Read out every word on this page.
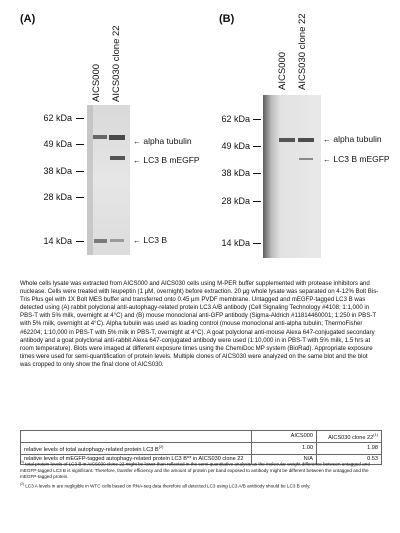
(A)
AICS000 AICS030 clone 22
62 kDa
49 kDa
38 kDa
28 kDa
14 kDa
← alpha tubulin
← LC3 B mEGFP
← LC3 B
(B)
AICS000 AICS030 clone 22
62 kDa
49 kDa
38 kDa
28 kDa
14 kDa
← alpha tubulin
← LC3 B mEGFP
Whole cells lysate was extracted from AICS000 and AICS030 cells using M-PER buffer supplemented with protease inhibitors and nuclease. Cells were treated with leupeptin (1 µM, overnight) before extraction. 20 µg whole lysate was separated on 4-12% Bolt Bis-Tris Plus gel with 1X Bolt MES buffer and transferred onto 0.45 µm PVDF membrane. Untagged and mEGFP-tagged LC3 B was detected using (A) rabbit polyclonal anti-autophagy-related protein LC3 A/B antibody (Cell Signaling Technology #4108; 1:1,000 in PBS-T with 5% milk, overnight at 4°C) and (B) mouse monoclonal anti-GFP antibody (Sigma-Aldrich #11814460001; 1:250 in PBS-T with 5% milk, overnight at 4°C). Alpha tubulin was used as loading control (mouse monoclonal anti-alpha tubulin; ThermoFisher #62204; 1:10,000 in PBS-T with 5% milk in PBS-T, overnight at 4°C). A goat polyclonal anti-mouse Alexa 647-conjugated secondary antibody and a goat polyclonal anti-rabbit Alexa 647-conjugated antibody were used (1:10,000 in in PBS-T with 5% milk, 1.5 hrs at room temperature). Blots were imaged at different exposure times using the ChemiDoc MP system (BioRad). Appropriate exposure times were used for semi-quantification of protein levels. Multiple clones of AICS030 were analyzed on the same blot and the blot was cropped to only show the final clone of AICS030.
	AICS000	AICS030 clone 22$^{(1)}$
relative levels of total autophagy-related protein LC3 $B^{(2)}$	1.00	1.98
relative levels of mEGFP-tagged autophagy-related protein LC3 B** in AICS030 clone 22	N/A	0.53
$^{(1)}$ total protein levels of LC3 B in AICS030 clone 22 might be lower than reflected in the semi-quantitative analysis as the molecular weight difference between untagged and mEGFP-tagged LC3 B is significant. Therefore, transfer efficiency and the amount of protein per band exposed to antibody might be different between the untagged and the mEGFP-tagged protein.
$^{(2)}$ LC3 A levels in are negligible in WTC cells based on RNA-seq data therefore all detected LC3 using LC3 A/B antibody should be LC3 B only.
